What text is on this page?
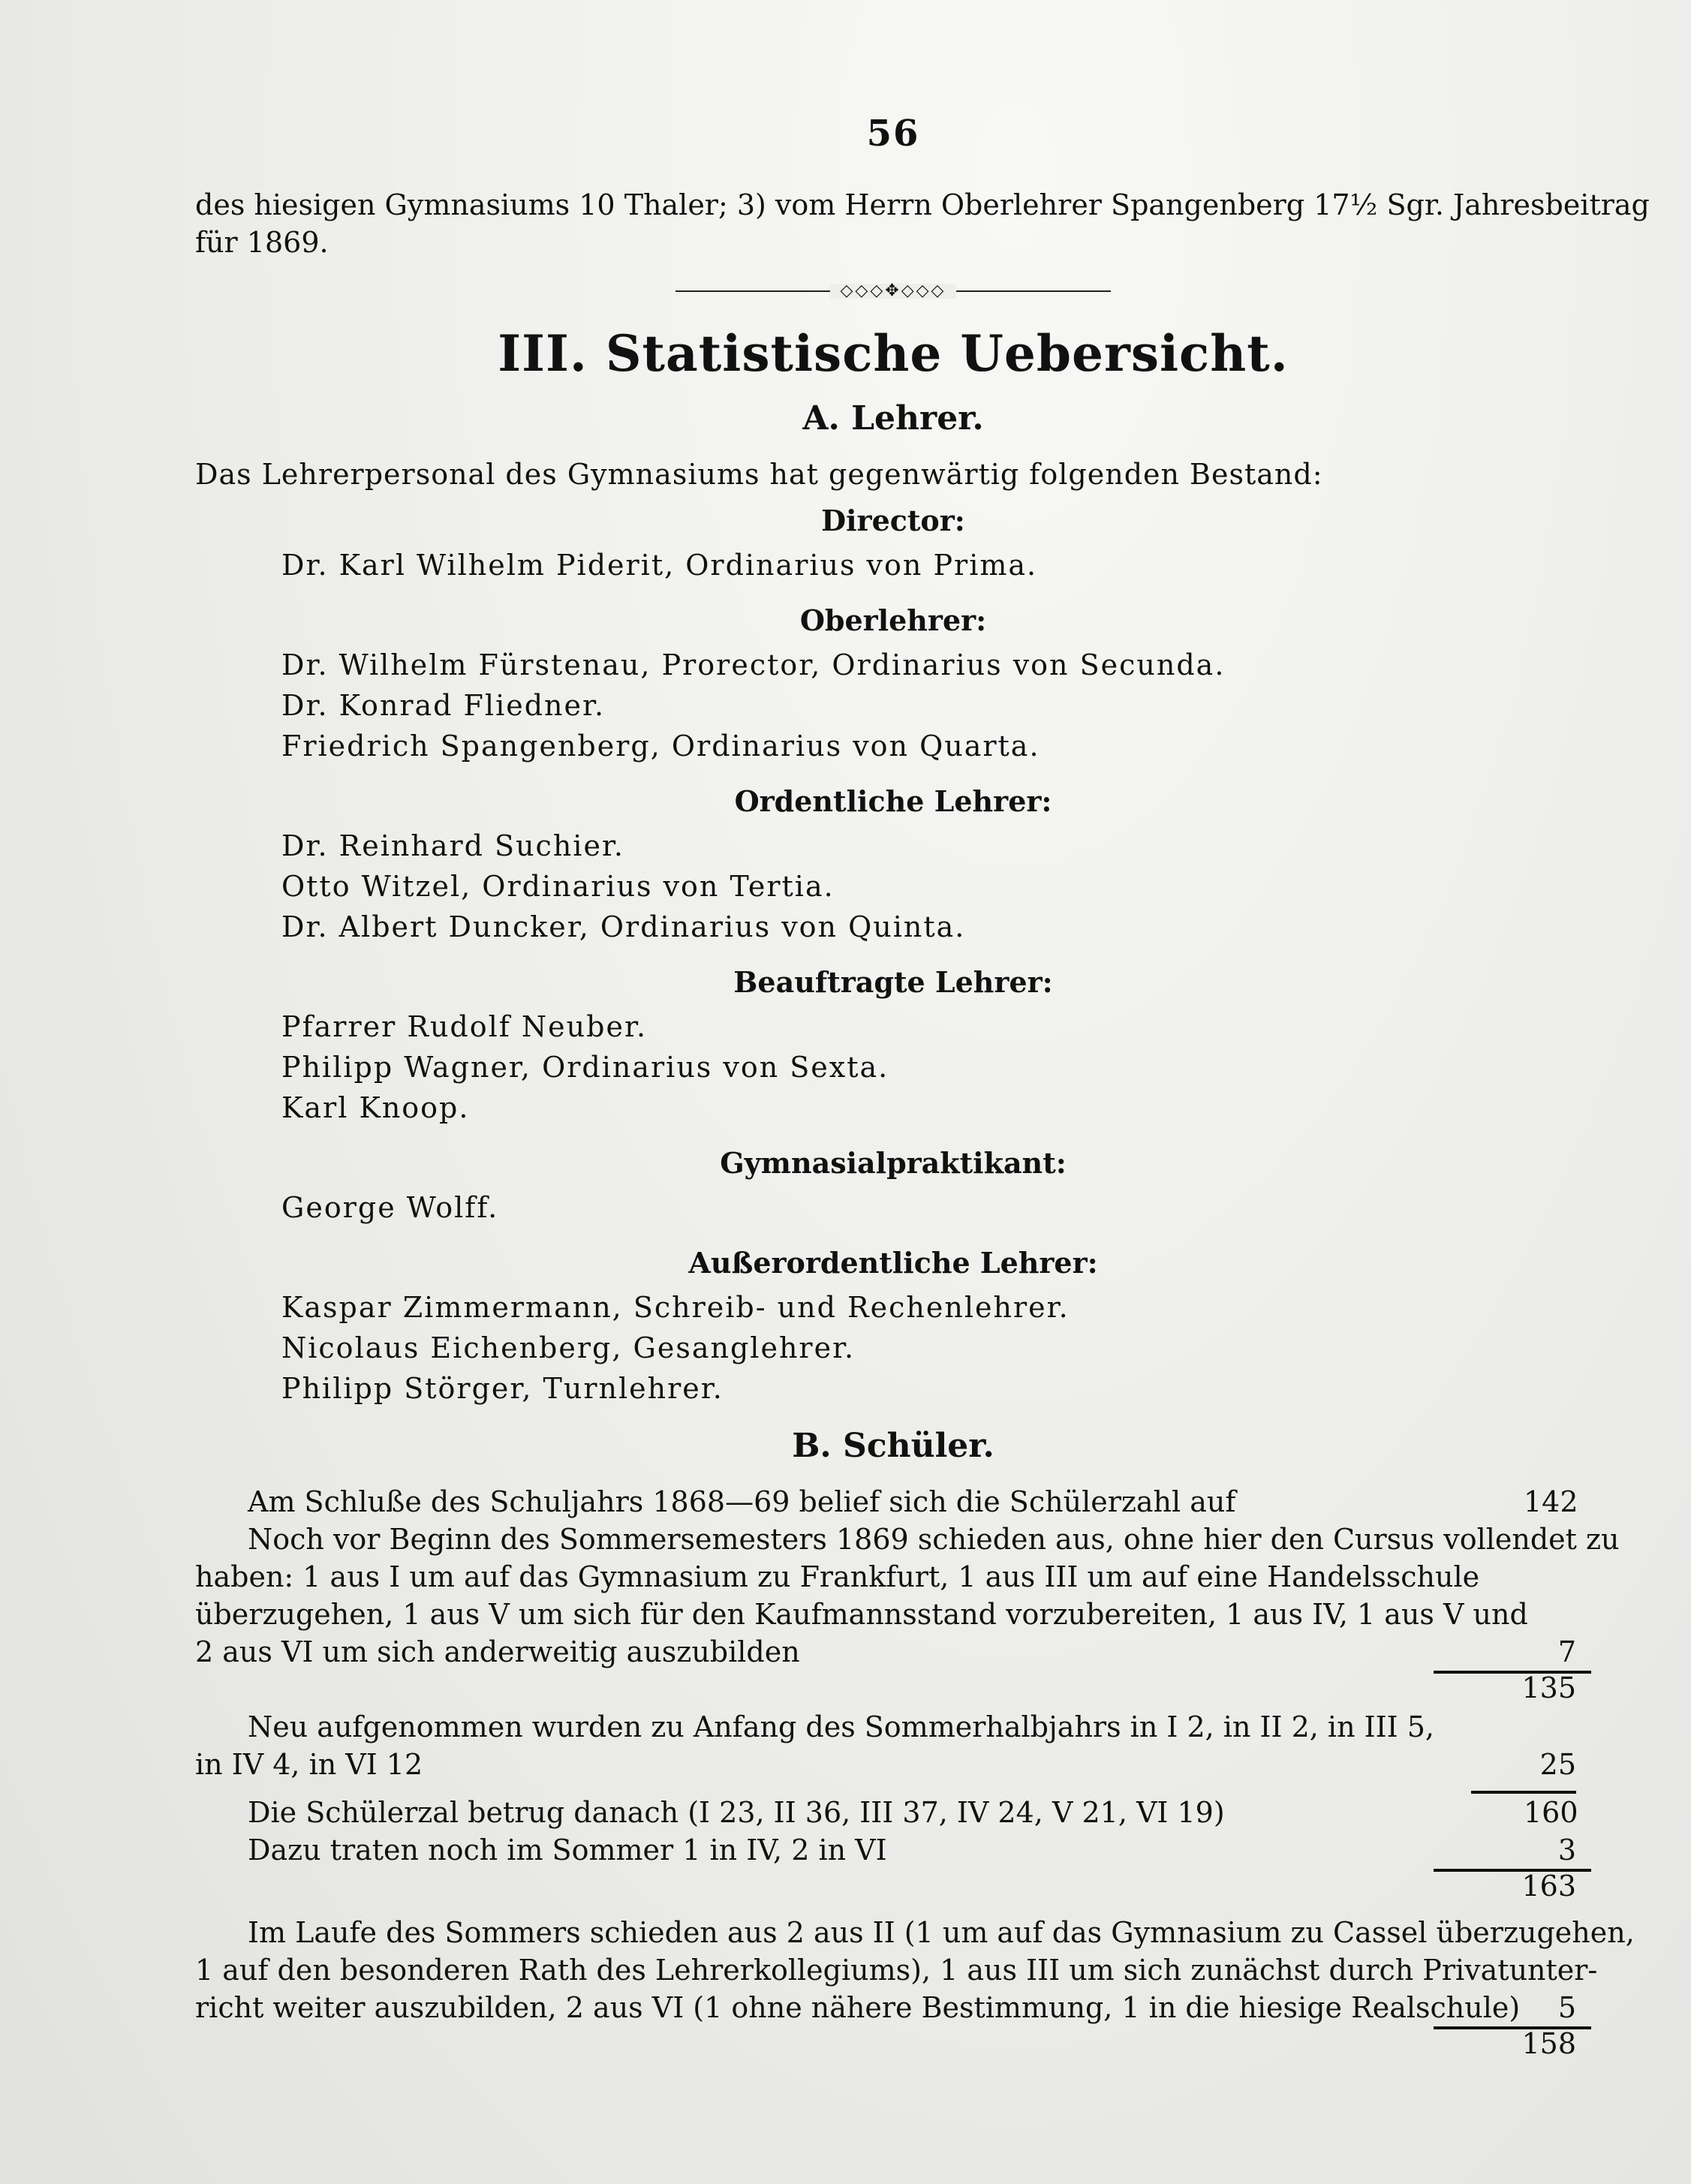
56
des hiesigen Gymnasiums 10 Thaler; 3) vom Herrn Oberlehrer Spangenberg 17½ Sgr. Jahresbeitrag
für 1869.
◇◇◇✥◇◇◇
III. Statistische Uebersicht.
A. Lehrer.
Das Lehrerpersonal des Gymnasiums hat gegenwärtig folgenden Bestand:
Director:
Dr. Karl Wilhelm Piderit, Ordinarius von Prima.
Oberlehrer:
Dr. Wilhelm Fürstenau, Prorector, Ordinarius von Secunda.
Dr. Konrad Fliedner.
Friedrich Spangenberg, Ordinarius von Quarta.
Ordentliche Lehrer:
Dr. Reinhard Suchier.
Otto Witzel, Ordinarius von Tertia.
Dr. Albert Duncker, Ordinarius von Quinta.
Beauftragte Lehrer:
Pfarrer Rudolf Neuber.
Philipp Wagner, Ordinarius von Sexta.
Karl Knoop.
Gymnasialpraktikant:
George Wolff.
Außerordentliche Lehrer:
Kaspar Zimmermann, Schreib- und Rechenlehrer.
Nicolaus Eichenberg, Gesanglehrer.
Philipp Störger, Turnlehrer.
B. Schüler.
Am Schluße des Schuljahrs 1868—69 belief sich die Schülerzahl auf	142
Noch vor Beginn des Sommersemesters 1869 schieden aus, ohne hier den Cursus vollendet zu
haben: 1 aus I um auf das Gymnasium zu Frankfurt, 1 aus III um auf eine Handelsschule
überzugehen, 1 aus V um sich für den Kaufmannsstand vorzubereiten, 1 aus IV, 1 aus V und
2 aus VI um sich anderweitig auszubilden	7
135
Neu aufgenommen wurden zu Anfang des Sommerhalbjahrs in I 2, in II 2, in III 5,
in IV 4, in VI 12	25
Die Schülerzal betrug danach (I 23, II 36, III 37, IV 24, V 21, VI 19)	160
Dazu traten noch im Sommer 1 in IV, 2 in VI	3
163
Im Laufe des Sommers schieden aus 2 aus II (1 um auf das Gymnasium zu Cassel überzugehen,
1 auf den besonderen Rath des Lehrerkollegiums), 1 aus III um sich zunächst durch Privatunter-
richt weiter auszubilden, 2 aus VI (1 ohne nähere Bestimmung, 1 in die hiesige Realschule)	5
158
